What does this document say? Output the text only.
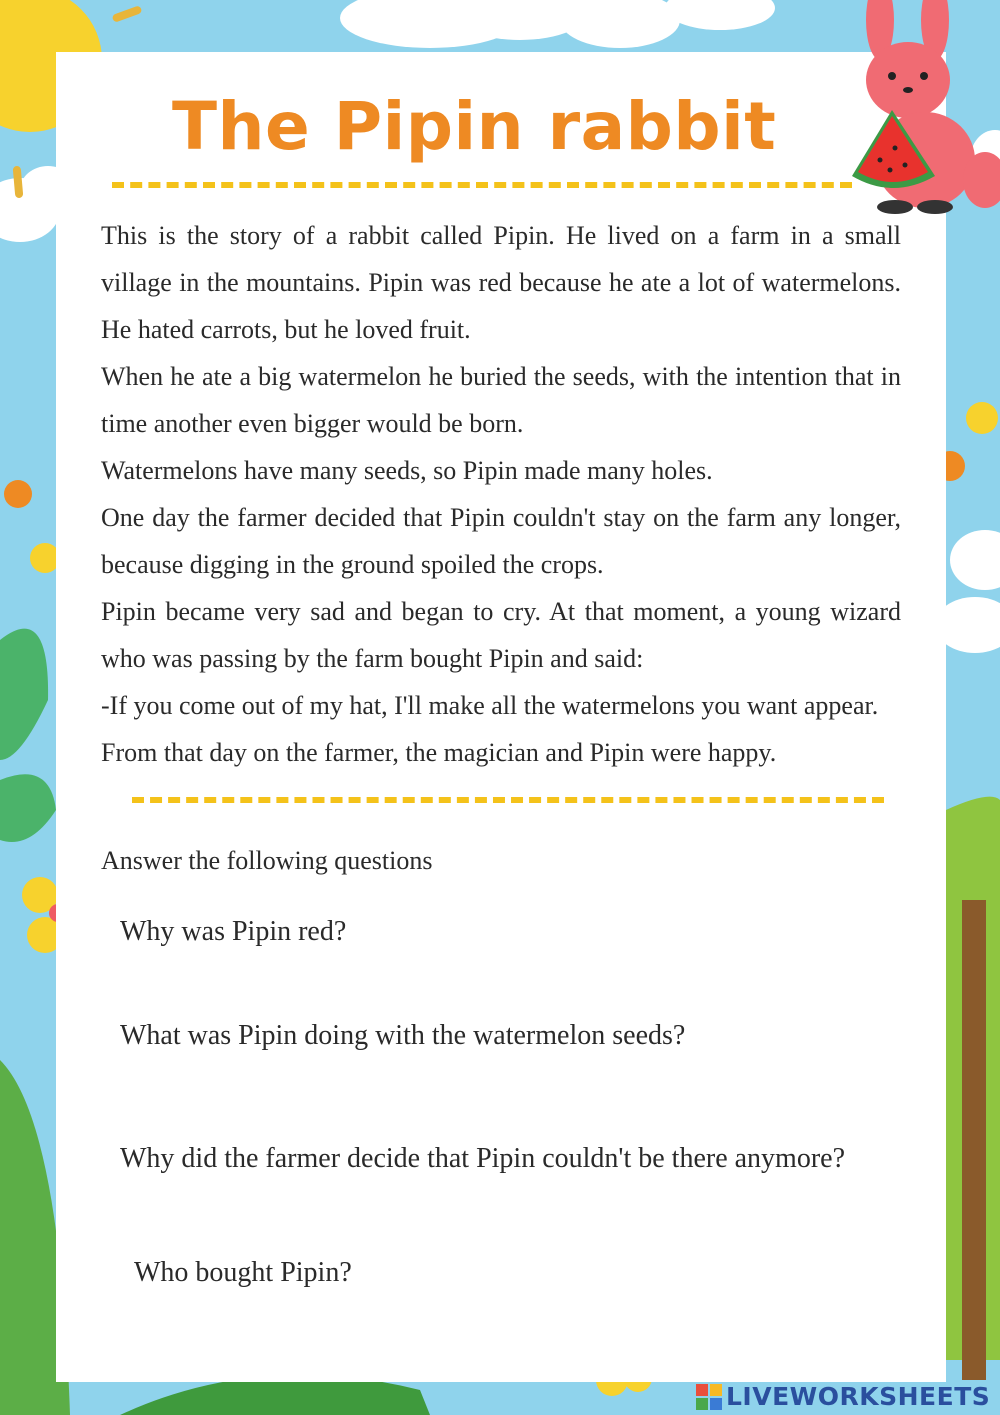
The Pipin rabbit

This is the story of a rabbit called Pipin. He lived on a farm in a small village in the mountains. Pipin was red because he ate a lot of watermelons. He hated carrots, but he loved fruit.

When he ate a big watermelon he buried the seeds, with the intention that in time another even bigger would be born.

Watermelons have many seeds, so Pipin made many holes.

One day the farmer decided that Pipin couldn't stay on the farm any longer, because digging in the ground spoiled the crops.

Pipin became very sad and began to cry. At that moment, a young wizard who was passing by the farm bought Pipin and said:

-If you come out of my hat, I'll make all the watermelons you want appear.

From that day on the farmer, the magician and Pipin were happy.

Answer the following questions
Why was Pipin red?
What was Pipin doing with the watermelon seeds?
Why did the farmer decide that Pipin couldn't be there anymore?
Who bought Pipin?
LIVEWORKSHEETS
